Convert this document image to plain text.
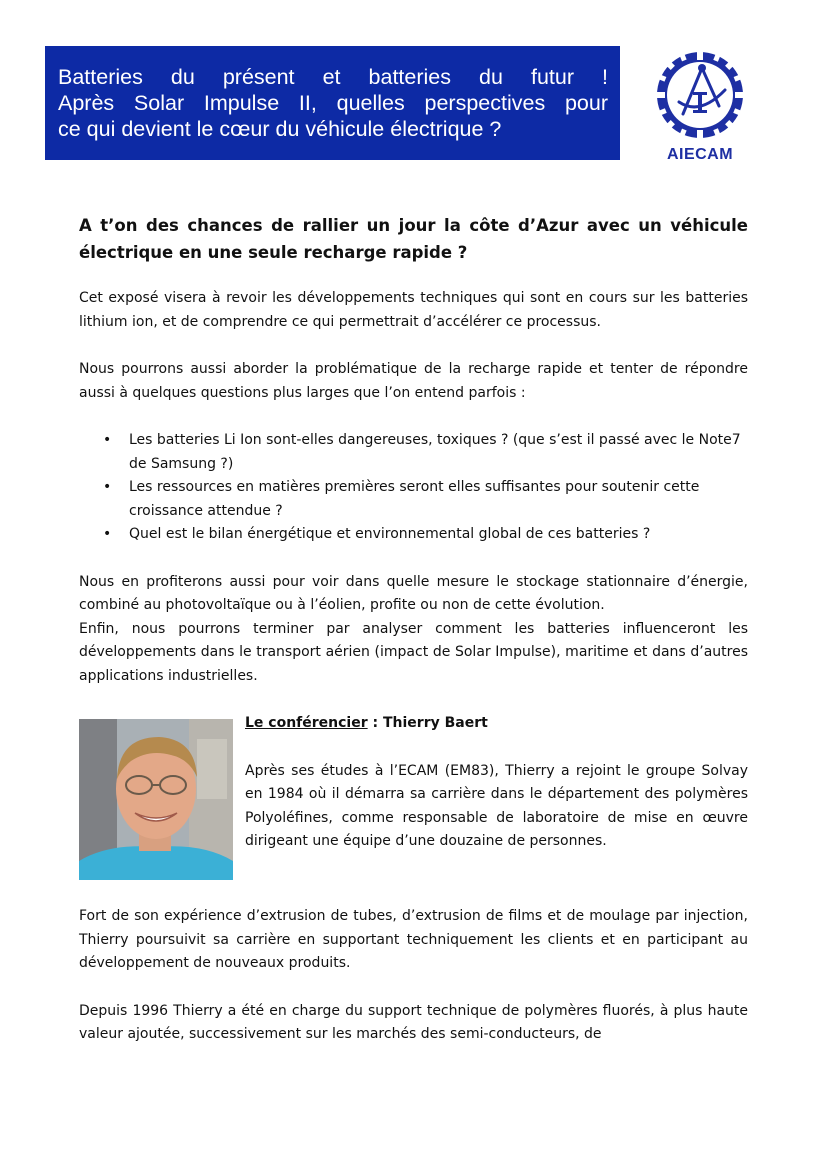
Batteries du présent et batteries du futur !
Après Solar Impulse II, quelles perspectives pour
ce qui devient le cœur du véhicule électrique ?
AIECAM
A t’on des chances de rallier un jour la côte d’Azur avec un véhicule électrique en une seule recharge rapide ?
Cet exposé visera à revoir les développements techniques qui sont en cours sur les batteries lithium ion, et de comprendre ce qui permettrait d’accélérer ce processus.
Nous pourrons aussi aborder la problématique de la recharge rapide et tenter de répondre aussi à quelques questions plus larges que l’on entend parfois :
• Les batteries Li Ion sont-elles dangereuses, toxiques ? (que s’est il passé avec le Note7 de Samsung ?)
• Les ressources en matières premières seront elles suffisantes pour soutenir cette croissance attendue ?
• Quel est le bilan énergétique et environnemental global de ces batteries ?
Nous en profiterons aussi pour voir dans quelle mesure le stockage stationnaire d’énergie, combiné au photovoltaïque ou à l’éolien, profite ou non de cette évolution.
Enfin, nous pourrons terminer par analyser comment les batteries influenceront les développements dans le transport aérien (impact de Solar Impulse), maritime et dans d’autres applications industrielles.
Le conférencier : Thierry Baert
Après ses études à l’ECAM (EM83), Thierry a rejoint le groupe Solvay en 1984 où il démarra sa carrière dans le département des polymères Polyoléfines, comme responsable de laboratoire de mise en œuvre dirigeant une équipe d’une douzaine de personnes.
Fort de son expérience d’extrusion de tubes, d’extrusion de films et de moulage par injection, Thierry poursuivit sa carrière en supportant techniquement les clients et en participant au développement de nouveaux produits.
Depuis 1996 Thierry a été en charge du support technique de polymères fluorés, à plus haute valeur ajoutée, successivement sur les marchés des semi-conducteurs, de
